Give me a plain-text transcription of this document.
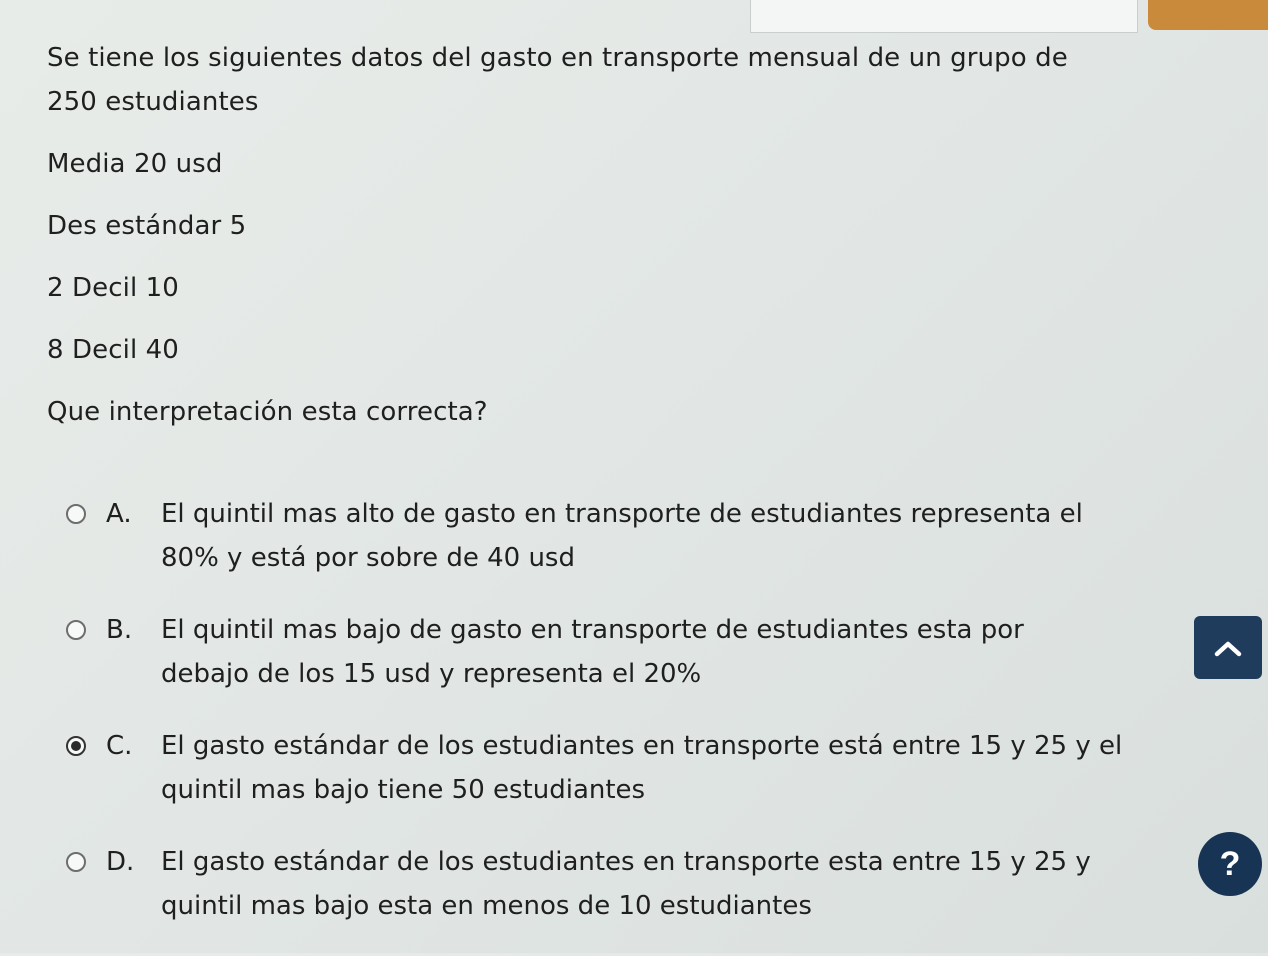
Se tiene los siguientes datos del gasto en transporte mensual de un grupo de
250 estudiantes
Media 20 usd
Des estándar 5
2 Decil 10
8 Decil 40
Que interpretación esta correcta?
A. El quintil mas alto de gasto en transporte de estudiantes representa el
80% y está por sobre de 40 usd
B. El quintil mas bajo de gasto en transporte de estudiantes esta por
debajo de los 15 usd y representa el 20%
C. El gasto estándar de los estudiantes en transporte está entre 15 y 25 y el
quintil mas bajo tiene 50 estudiantes
D. El gasto estándar de los estudiantes en transporte esta entre 15 y 25 y
quintil mas bajo esta en menos de 10 estudiantes
?
